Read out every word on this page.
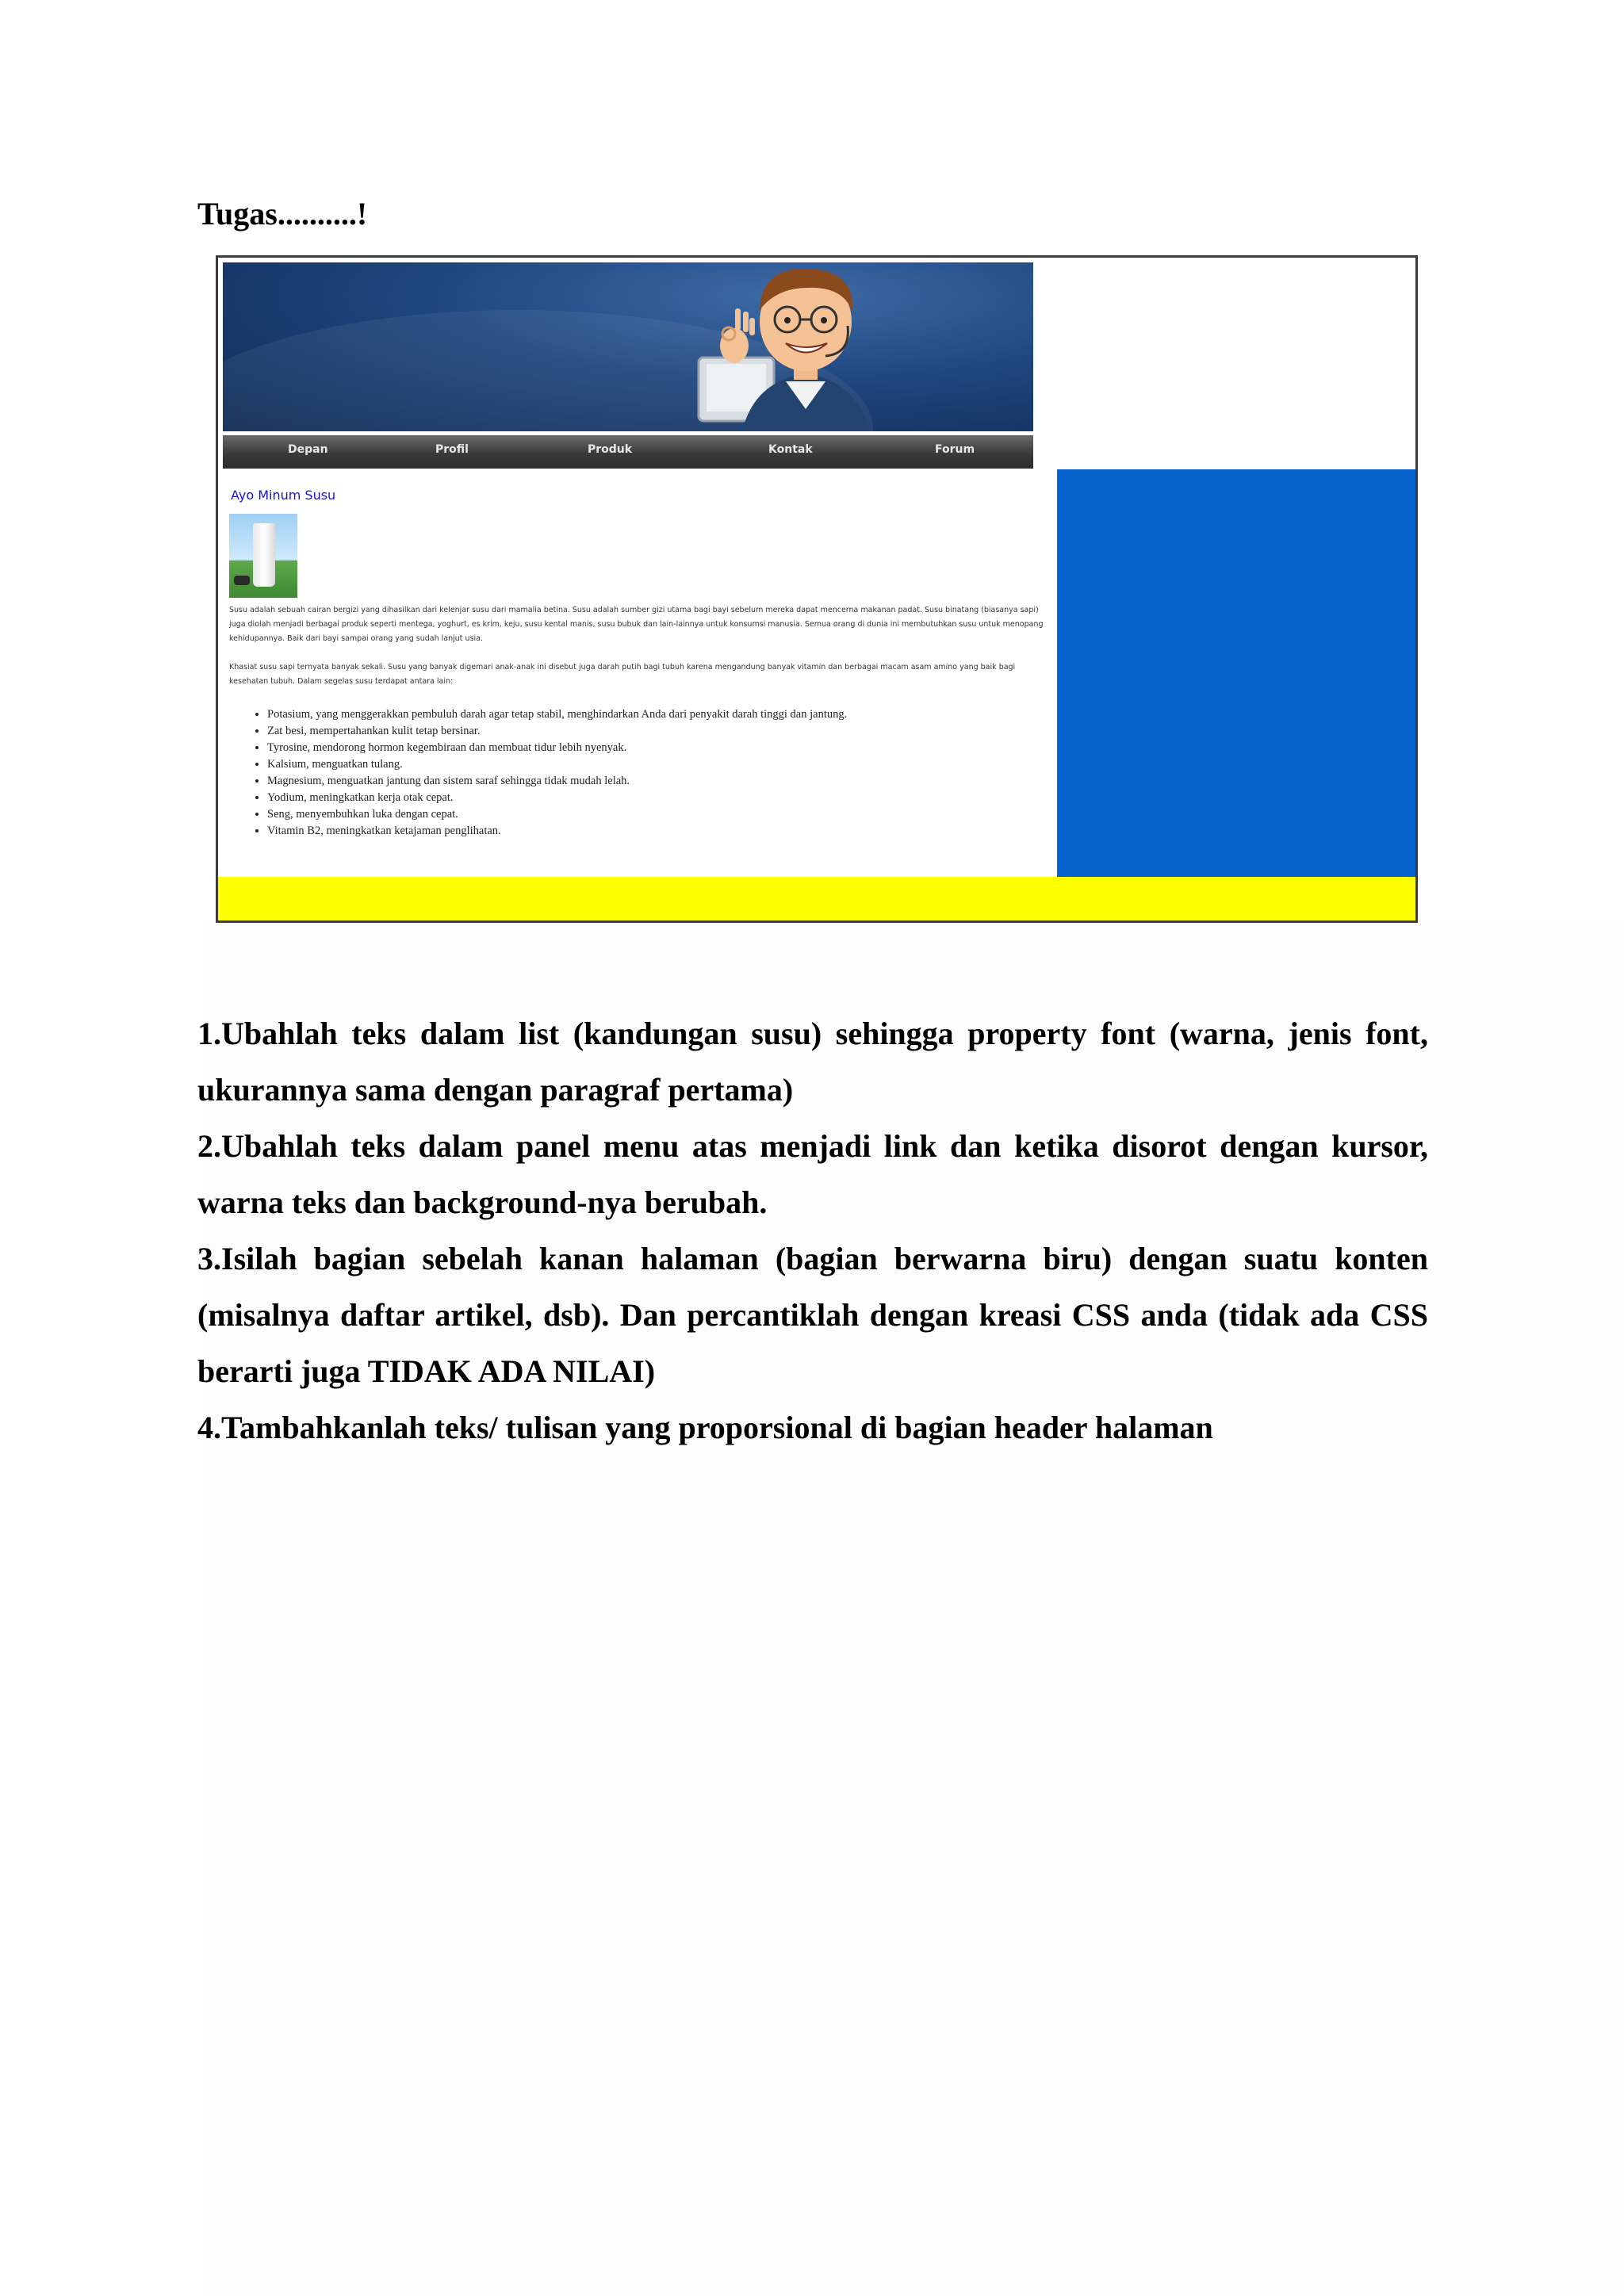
Tugas..........!
Depan	Profil	Produk	Kontak	Forum
Ayo Minum Susu

Susu adalah sebuah cairan bergizi yang dihasilkan dari kelenjar susu dari mamalia betina. Susu adalah sumber gizi utama bagi bayi sebelum mereka dapat mencerna makanan padat. Susu binatang (biasanya sapi) juga diolah menjadi berbagai produk seperti mentega, yoghurt, es krim, keju, susu kental manis, susu bubuk dan lain-lainnya untuk konsumsi manusia. Semua orang di dunia ini membutuhkan susu untuk menopang kehidupannya. Baik dari bayi sampai orang yang sudah lanjut usia.

Khasiat susu sapi ternyata banyak sekali. Susu yang banyak digemari anak-anak ini disebut juga darah putih bagi tubuh karena mengandung banyak vitamin dan berbagai macam asam amino yang baik bagi kesehatan tubuh. Dalam segelas susu terdapat antara lain:

• Potasium, yang menggerakkan pembuluh darah agar tetap stabil, menghindarkan Anda dari penyakit darah tinggi dan jantung.
• Zat besi, mempertahankan kulit tetap bersinar.
• Tyrosine, mendorong hormon kegembiraan dan membuat tidur lebih nyenyak.
• Kalsium, menguatkan tulang.
• Magnesium, menguatkan jantung dan sistem saraf sehingga tidak mudah lelah.
• Yodium, meningkatkan kerja otak cepat.
• Seng, menyembuhkan luka dengan cepat.
• Vitamin B2, meningkatkan ketajaman penglihatan.

1.Ubahlah teks dalam list (kandungan susu) sehingga property font (warna, jenis font, ukurannya sama dengan paragraf pertama)

2.Ubahlah teks dalam panel menu atas menjadi link dan ketika disorot dengan kursor, warna teks dan background-nya berubah.

3.Isilah bagian sebelah kanan halaman (bagian berwarna biru) dengan suatu konten (misalnya daftar artikel, dsb). Dan percantiklah dengan kreasi CSS anda (tidak ada CSS berarti juga TIDAK ADA NILAI)

4.Tambahkanlah teks/ tulisan yang proporsional di bagian header halaman
